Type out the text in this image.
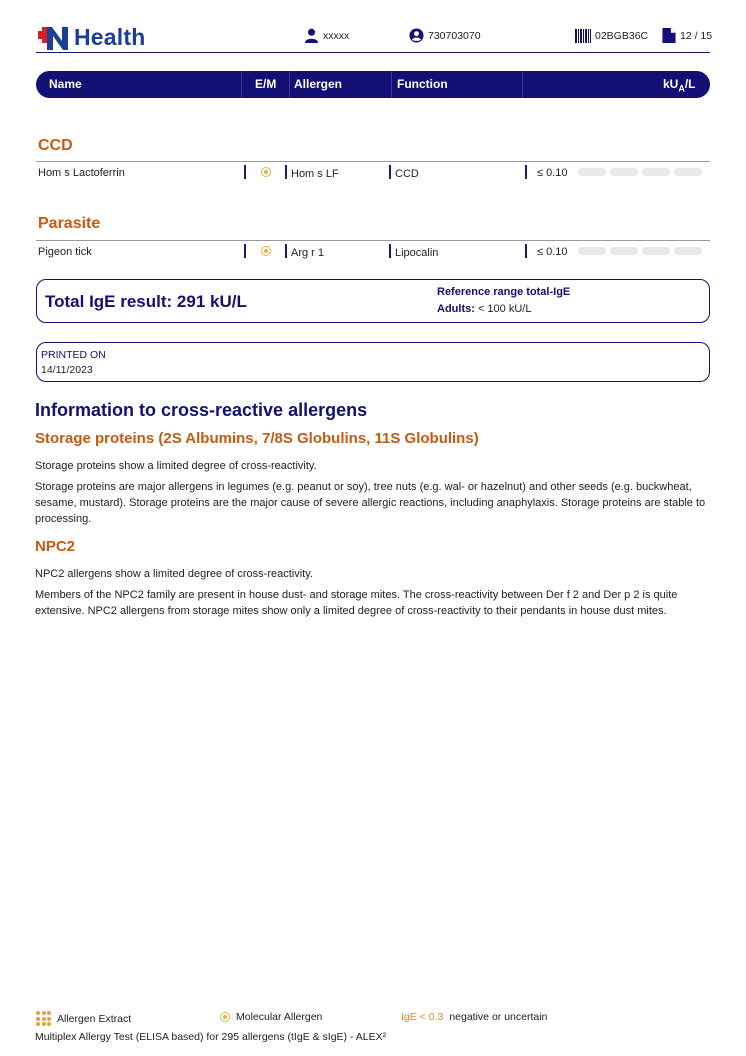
Health	xxxxx	730703070	02BGB36C	12 / 15
Name	E/M Allergen	Function	$kU_A/L$
CCD
Hom s Lactoferrin	Hom s LF	CCD	≤ 0.10
Parasite
Pigeon tick	Arg r 1	Lipocalin	≤ 0.10
Total IgE result: 291 kU/L	Reference range total-IgE
Adults: < 100 kU/L
PRINTED ON
14/11/2023
Information to cross-reactive allergens
Storage proteins (2S Albumins, 7/8S Globulins, 11S Globulins)
Storage proteins show a limited degree of cross-reactivity.
Storage proteins are major allergens in legumes (e.g. peanut or soy), tree nuts (e.g. wal- or hazelnut) and other seeds (e.g. buckwheat, sesame, mustard). Storage proteins are the major cause of severe allergic reactions, including anaphylaxis. Storage proteins are stable to processing.
NPC2
NPC2 allergens show a limited degree of cross-reactivity.
Members of the NPC2 family are present in house dust- and storage mites. The cross-reactivity between Der f 2 and Der p 2 is quite extensive. NPC2 allergens from storage mites show only a limited degree of cross-reactivity to their pendants in house dust mites.
Allergen Extract	Molecular Allergen	IgE < 0.3 negative or uncertain
Multiplex Allergy Test (ELISA based) for 295 allergens (tIgE & sIgE) - ALEX²
